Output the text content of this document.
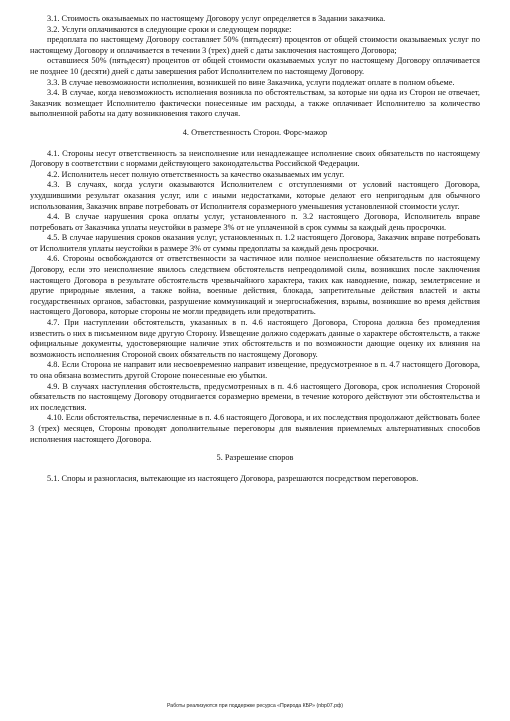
3.1. Стоимость оказываемых по настоящему Договору услуг определяется в Задании заказчика.

3.2. Услуги оплачиваются в следующие сроки и следующем порядке:

предоплата по настоящему Договору составляет 50% (пятьдесят) процентов от общей стоимости оказываемых услуг по настоящему Договору и оплачивается в течении 3 (трех) дней с даты заключения настоящего Договора;

оставшиеся 50% (пятьдесят) процентов от общей стоимости оказываемых услуг по настоящему Договору оплачивается не позднее 10 (десяти) дней с даты завершения работ Исполнителем по настоящему Договору.

3.3. В случае невозможности исполнения, возникшей по вине Заказчика, услуги подлежат оплате в полном объеме.

3.4. В случае, когда невозможность исполнения возникла по обстоятельствам, за которые ни одна из Сторон не отвечает, Заказчик возмещает Исполнителю фактически понесенные им расходы, а также оплачивает Исполнителю за количество выполненной работы на дату возникновения такого случая.

4. Ответственность Сторон. Форс-мажор

4.1. Стороны несут ответственность за неисполнение или ненадлежащее исполнение своих обязательств по настоящему Договору в соответствии с нормами действующего законодательства Российской Федерации.

4.2. Исполнитель несет полную ответственность за качество оказываемых им услуг.

4.3. В случаях, когда услуги оказываются Исполнителем с отступлениями от условий настоящего Договора, ухудшившими результат оказания услуг, или с иными недостатками, которые делают его непригодным для обычного использования, Заказчик вправе потребовать от Исполнителя соразмерного уменьшения установленной стоимости услуг.

4.4. В случае нарушения срока оплаты услуг, установленного п. 3.2 настоящего Договора, Исполнитель вправе потребовать от Заказчика уплаты неустойки в размере 3% от не уплаченной в срок суммы за каждый день просрочки.

4.5. В случае нарушения сроков оказания услуг, установленных п. 1.2 настоящего Договора, Заказчик вправе потребовать от Исполнителя уплаты неустойки в размере 3% от суммы предоплаты за каждый день просрочки.

4.6. Стороны освобождаются от ответственности за частичное или полное неисполнение обязательств по настоящему Договору, если это неисполнение явилось следствием обстоятельств непреодолимой силы, возникших после заключения настоящего Договора в результате обстоятельств чрезвычайного характера, таких как наводнение, пожар, землетрясение и другие природные явления, а также война, военные действия, блокада, запретительные действия властей и акты государственных органов, забастовки, разрушение коммуникаций и энергоснабжения, взрывы, возникшие во время действия настоящего Договора, которые стороны не могли предвидеть или предотвратить.

4.7. При наступлении обстоятельств, указанных в п. 4.6 настоящего Договора, Сторона должна без промедления известить о них в письменном виде другую Сторону. Извещение должно содержать данные о характере обстоятельств, а также официальные документы, удостоверяющие наличие этих обстоятельств и по возможности дающие оценку их влияния на возможность исполнения Стороной своих обязательств по настоящему Договору.

4.8. Если Сторона не направит или несвоевременно направит извещение, предусмотренное в п. 4.7 настоящего Договора, то она обязана возместить другой Стороне понесенные ею убытки.

4.9. В случаях наступления обстоятельств, предусмотренных в п. 4.6 настоящего Договора, срок исполнения Стороной обязательств по настоящему Договору отодвигается соразмерно времени, в течение которого действуют эти обстоятельства и их последствия.

4.10. Если обстоятельства, перечисленные в п. 4.6 настоящего Договора, и их последствия продолжают действовать более 3 (трех) месяцев, Стороны проводят дополнительные переговоры для выявления приемлемых альтернативных способов исполнения настоящего Договора.

5. Разрешение споров

5.1. Споры и разногласия, вытекающие из настоящего Договора, разрешаются посредством переговоров.

Работы реализуются при поддержке ресурса «Природа КБР» (nbp07.рф)
